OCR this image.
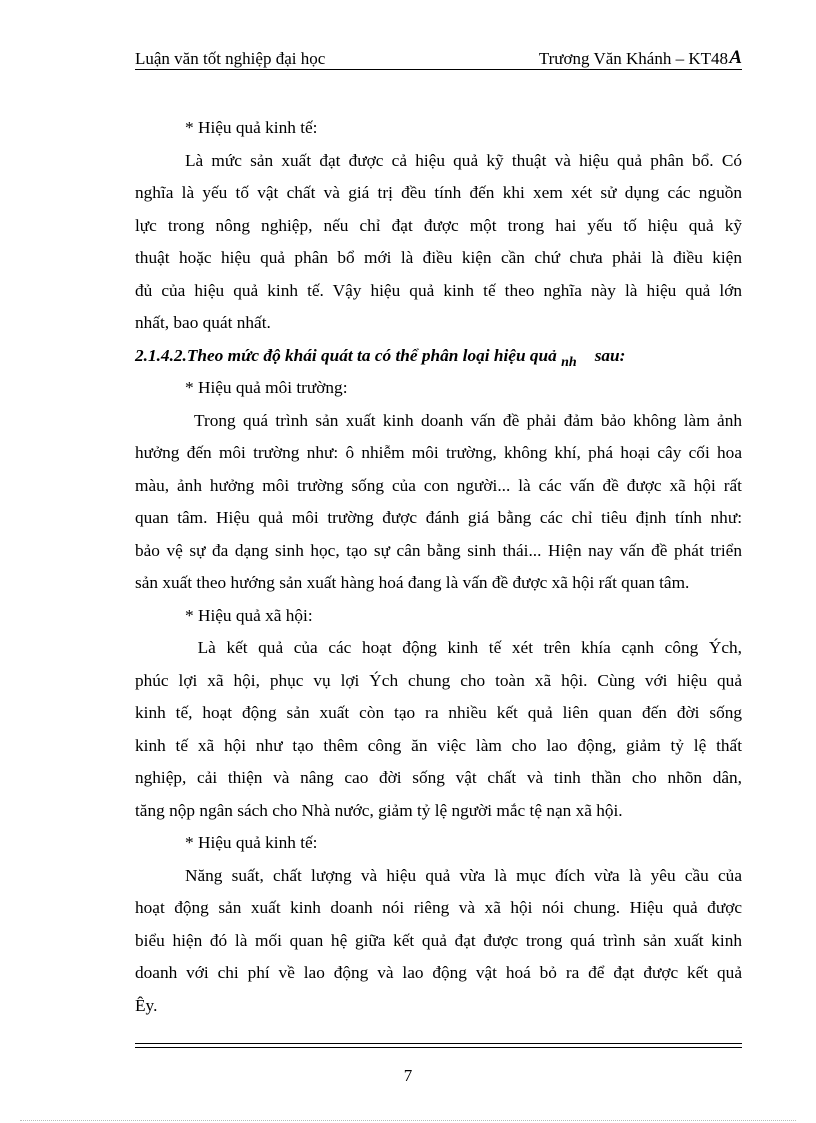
Luận văn tốt nghiệp đại học	Trương Văn Khánh – KT48 A
* Hiệu quả kinh tế:
Là mức sản xuất đạt được cả hiệu quả kỹ thuật và hiệu quả phân bổ. Có
nghĩa là yếu tố vật chất và giá trị đều tính đến khi xem xét sử dụng các nguồn
lực trong nông nghiệp, nếu chỉ đạt được một trong hai yếu tố hiệu quả kỹ
thuật hoặc hiệu quả phân bổ mới là điều kiện cần chứ chưa phải là điều kiện
đủ của hiệu quả kinh tế. Vậy hiệu quả kinh tế theo nghĩa này là hiệu quả lớn
nhất, bao quát nhất.
2.1.4.2.Theo mức độ khái quát ta có thể phân loại hiệu quả $_{nh}$ sau:
* Hiệu quả môi trường:
Trong quá trình sản xuất kinh doanh vấn đề phải đảm bảo không làm ảnh
hưởng đến môi trường như: ô nhiễm môi trường, không khí, phá hoại cây cối hoa
màu, ảnh hưởng môi trường sống của con người... là các vấn đề được xã hội rất
quan tâm. Hiệu quả môi trường được đánh giá bằng các chỉ tiêu định tính như:
bảo vệ sự đa dạng sinh học, tạo sự cân bằng sinh thái... Hiện nay vấn đề phát triển
sản xuất theo hướng sản xuất hàng hoá đang là vấn đề được xã hội rất quan tâm.
* Hiệu quả xã hội:
Là kết quả của các hoạt động kinh tế xét trên khía cạnh công Ých,
phúc lợi xã hội, phục vụ lợi Ých chung cho toàn xã hội. Cùng với hiệu quả
kinh tế, hoạt động sản xuất còn tạo ra nhiều kết quả liên quan đến đời sống
kinh tế xã hội như tạo thêm công ăn việc làm cho lao động, giảm tỷ lệ thất
nghiệp, cải thiện và nâng cao đời sống vật chất và tinh thần cho nhõn dân,
tăng nộp ngân sách cho Nhà nước, giảm tỷ lệ người mắc tệ nạn xã hội.
* Hiệu quả kinh tế:
Năng suất, chất lượng và hiệu quả vừa là mục đích vừa là yêu cầu của
hoạt động sản xuất kinh doanh nói riêng và xã hội nói chung. Hiệu quả được
biểu hiện đó là mối quan hệ giữa kết quả đạt được trong quá trình sản xuất kinh
doanh với chi phí về lao động và lao động vật hoá bỏ ra để đạt được kết quả
Êy.
7
